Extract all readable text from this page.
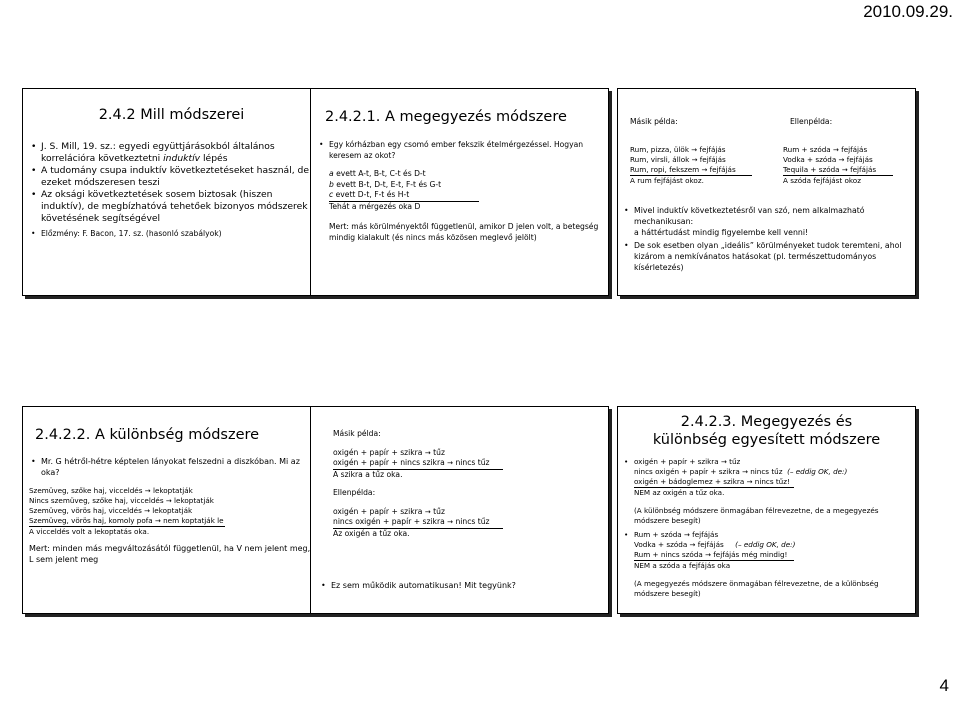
2010.09.29.
2.4.2 Mill módszerei
• J. S. Mill, 19. sz.: egyedi együttjárásokból általános korrelációra következtetni induktív lépés
• A tudomány csupa induktív következtetéseket használ, de ezeket módszeresen teszi
• Az oksági következtetések sosem biztosak (hiszen induktív), de megbízhatóvá tehetőek bizonyos módszerek követésének segítségével
• Előzmény: F. Bacon, 17. sz. (hasonló szabályok)
2.4.2.1. A megegyezés módszere
• Egy kórházban egy csomó ember fekszik ételmérgezéssel. Hogyan keresem az okot?
a evett A-t, B-t, C-t és D-t
b evett B-t, D-t, E-t, F-t és G-t
c evett D-t, F-t és H-t
Tehát a mérgezés oka D
Mert: más körülményektől függetlenül, amikor D jelen volt, a betegség mindig kialakult (és nincs más közösen meglevő jelölt)
Másik példa:	Ellenpélda:
Rum, pizza, ülök → fejfájás
Rum, virsli, állok → fejfájás
Rum, ropi, fekszem → fejfájás
A rum fejfájást okoz.
Rum + szóda → fejfájás
Vodka + szóda → fejfájás
Tequila + szóda → fejfájás
A szóda fejfájást okoz
• Mivel induktív következtetésről van szó, nem alkalmazható mechanikusan:
a háttértudást mindig figyelembe kell venni!
• De sok esetben olyan „ideális” körülményeket tudok teremteni, ahol kizárom a nemkívánatos hatásokat (pl. természettudományos kísérletezés)
2.4.2.2. A különbség módszere
• Mr. G hétről-hétre képtelen lányokat felszedni a diszkóban. Mi az oka?
Szemüveg, szőke haj, vicceldés → lekoptatják
Nincs szemüveg, szőke haj, vicceldés → lekoptatják
Szemüveg, vörös haj, vicceldés → lekoptatják
Szemüveg, vörös haj, komoly pofa → nem koptatják le
A vicceldés volt a lekoptatás oka.
Mert: minden más megváltozásától függetlenül, ha V nem jelent meg, L sem jelent meg
Másik példa:
oxigén + papír + szikra → tűz
oxigén + papír + nincs szikra → nincs tűz
A szikra a tűz oka.
Ellenpélda:
oxigén + papír + szikra → tűz
nincs oxigén + papír + szikra → nincs tűz
Az oxigén a tűz oka.
• Ez sem működik automatikusan! Mit tegyünk?
2.4.2.3. Megegyezés és különbség egyesített módszere
• oxigén + papír + szikra → tűz
nincs oxigén + papír + szikra → nincs tűz (– eddig OK, de:)
oxigén + bádoglemez + szikra → nincs tűz!
NEM az oxigén a tűz oka.
(A különbség módszere önmagában félrevezetne, de a megegyezés módszere besegít)
• Rum + szóda → fejfájás
Vodka + szóda → fejfájás (– eddig OK, de:)
Rum + nincs szóda → fejfájás még mindig!
NEM a szóda a fejfájás oka
(A megegyezés módszere önmagában félrevezetne, de a különbség módszere besegít)
4
